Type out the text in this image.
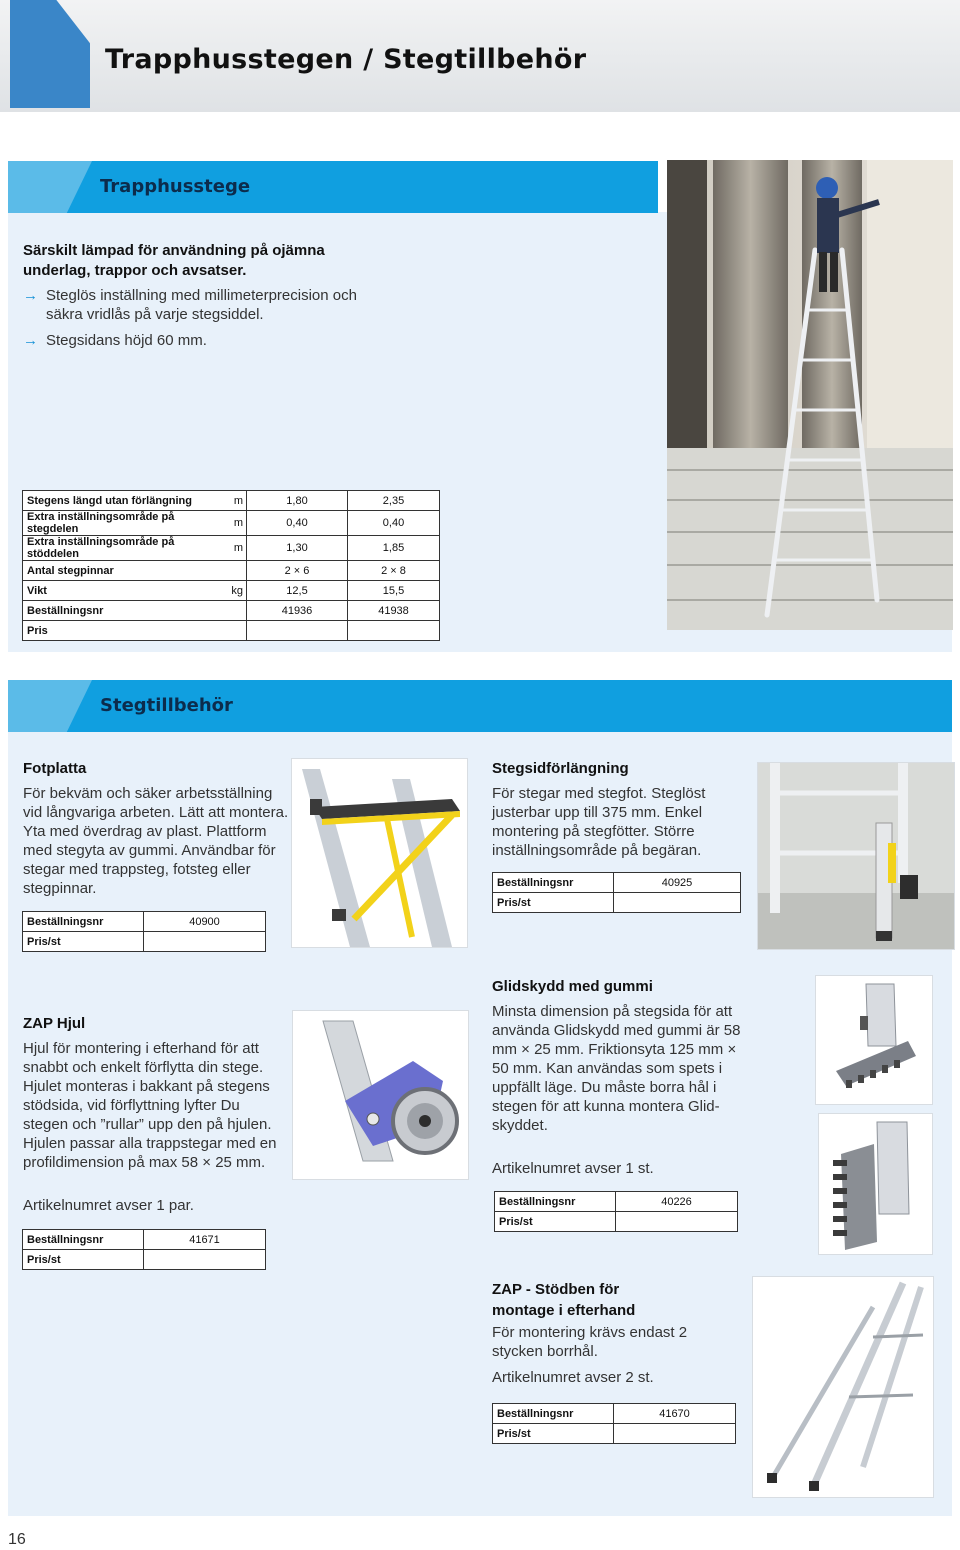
Trapphusstegen / Stegtillbehör
Trapphusstege
Särskilt lämpad för användning på ojämna underlag, trappor och avsatser.
→ Steglös inställning med millimeterprecision och säkra vridlås på varje stegsiddel.
→ Stegsidans höjd 60 mm.
Stegens längd utan förlängning	m	1,80	2,35
Extra inställningsområde på stegdelen	m	0,40	0,40
Extra inställningsområde på stöddelen	m	1,30	1,85
Antal stegpinnar		2 × 6	2 × 8
Vikt	kg	12,5	15,5
Beställningsnr		41936	41938
Pris			
Stegtillbehör
Fotplatta
För bekväm och säker arbetsställning vid långvariga arbeten. Lätt att montera. Yta med överdrag av plast. Plattform med stegyta av gummi. Användbar för stegar med trappsteg, fotsteg eller stegpinnar.
Beställningsnr	40900
Pris/st	
Stegsidförlängning
För stegar med stegfot. Steglöst justerbar upp till 375 mm. Enkel montering på stegfötter. Större inställningsområde på begäran.
Beställningsnr	40925
Pris/st	
ZAP Hjul
Hjul för montering i efterhand för att snabbt och enkelt förflytta din stege. Hjulet monteras i bakkant på stegens stödsida, vid förflyttning lyfter Du stegen och ”rullar” upp den på hjulen. Hjulen passar alla trappstegar med en profildimension på max 58 × 25 mm.
Artikelnumret avser 1 par.
Beställningsnr	41671
Pris/st	
Glidskydd med gummi
Minsta dimension på stegsida för att använda Glidskydd med gummi är 58 mm × 25 mm. Friktionsyta 125 mm × 50 mm. Kan användas som spets i uppfällt läge. Du måste borra hål i stegen för att kunna montera Glidskyddet.
Artikelnumret avser 1 st.
Beställningsnr	40226
Pris/st	
ZAP - Stödben för
montage i efterhand
För montering krävs endast 2 stycken borrhål.
Artikelnumret avser 2 st.
Beställningsnr	41670
Pris/st	
16
